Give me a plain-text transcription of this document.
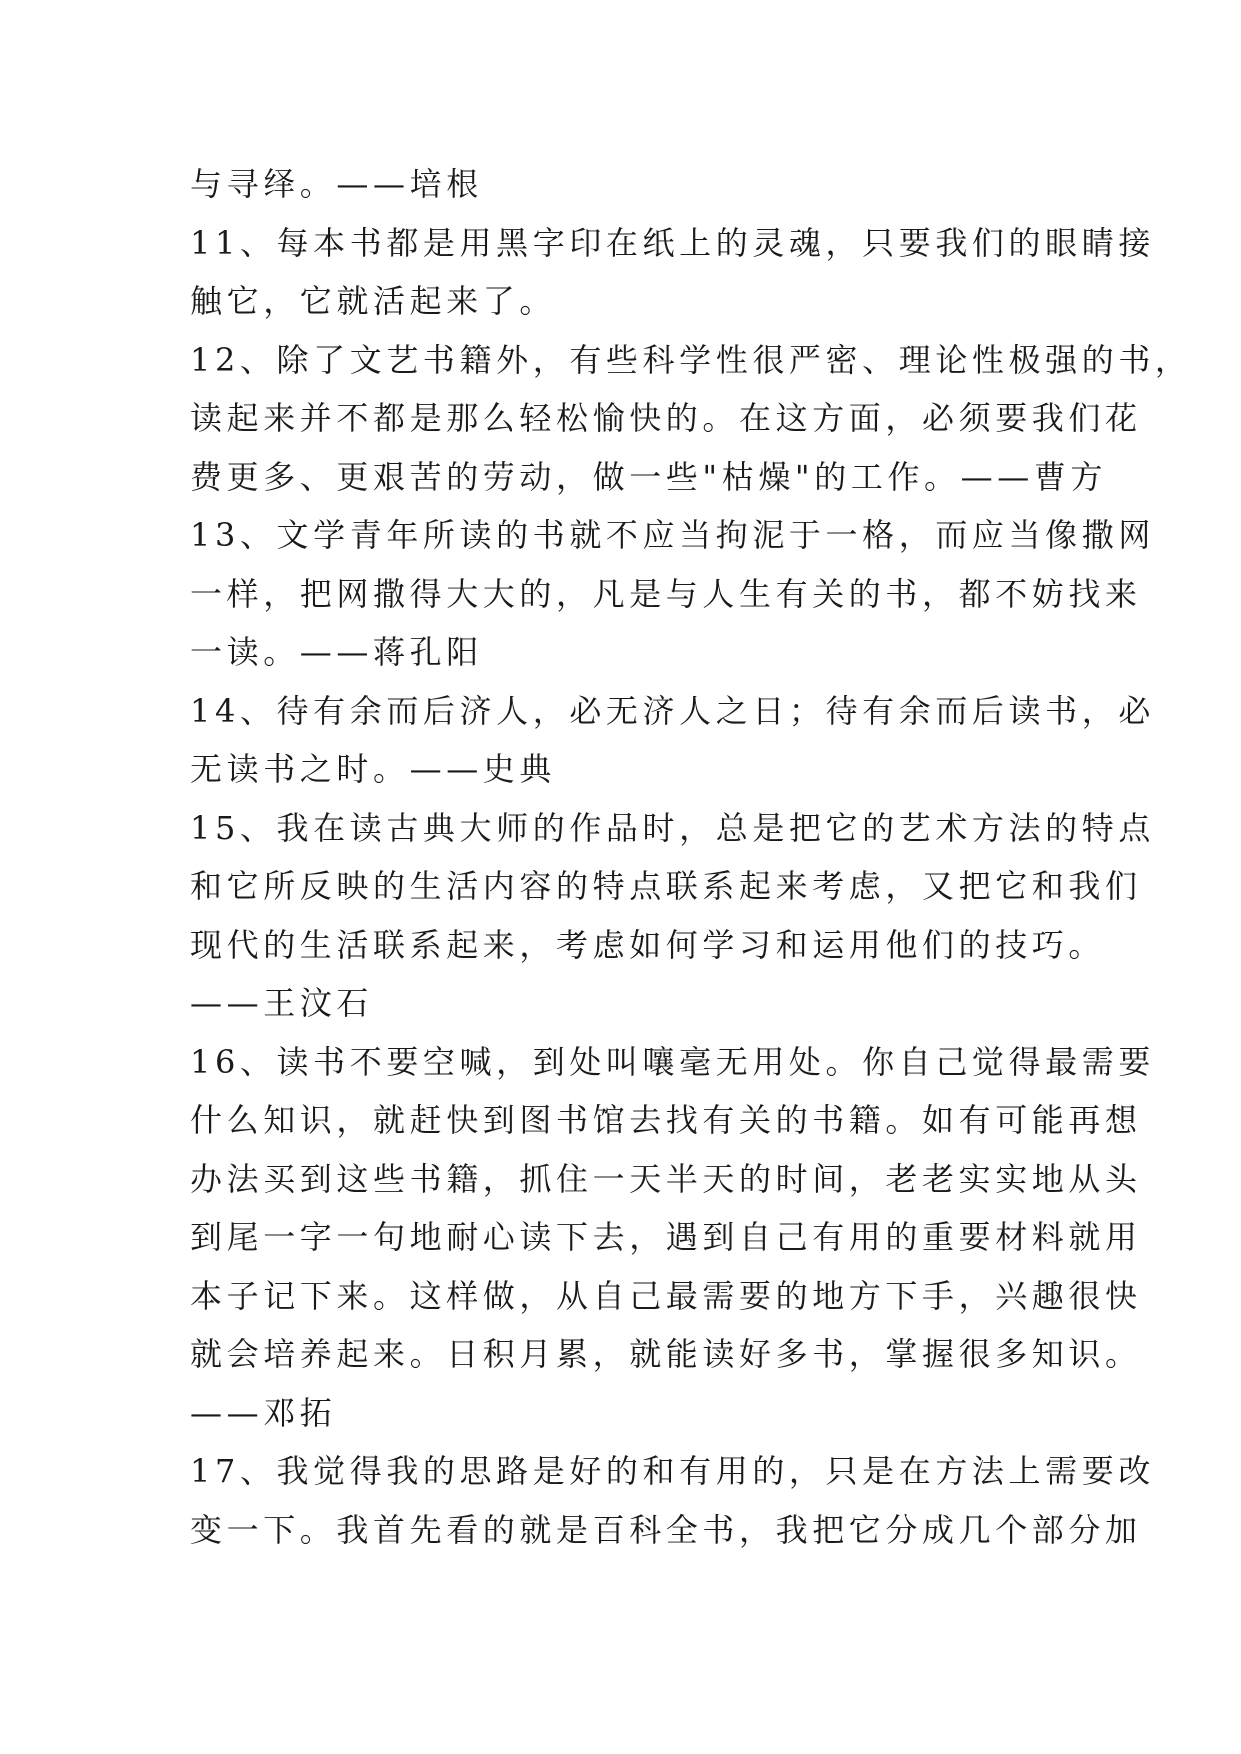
与寻绎。——培根
11、每本书都是用黑字印在纸上的灵魂，只要我们的眼睛接
触它，它就活起来了。
12、除了文艺书籍外，有些科学性很严密、理论性极强的书，
读起来并不都是那么轻松愉快的。在这方面，必须要我们花
费更多、更艰苦的劳动，做一些"枯燥"的工作。——曹方
13、文学青年所读的书就不应当拘泥于一格，而应当像撒网
一样，把网撒得大大的，凡是与人生有关的书，都不妨找来
一读。——蒋孔阳
14、待有余而后济人，必无济人之日；待有余而后读书，必
无读书之时。——史典
15、我在读古典大师的作品时，总是把它的艺术方法的特点
和它所反映的生活内容的特点联系起来考虑，又把它和我们
现代的生活联系起来，考虑如何学习和运用他们的技巧。
——王汶石
16、读书不要空喊，到处叫嚷毫无用处。你自己觉得最需要
什么知识，就赶快到图书馆去找有关的书籍。如有可能再想
办法买到这些书籍，抓住一天半天的时间，老老实实地从头
到尾一字一句地耐心读下去，遇到自己有用的重要材料就用
本子记下来。这样做，从自己最需要的地方下手，兴趣很快
就会培养起来。日积月累，就能读好多书，掌握很多知识。
——邓拓
17、我觉得我的思路是好的和有用的，只是在方法上需要改
变一下。我首先看的就是百科全书，我把它分成几个部分加
